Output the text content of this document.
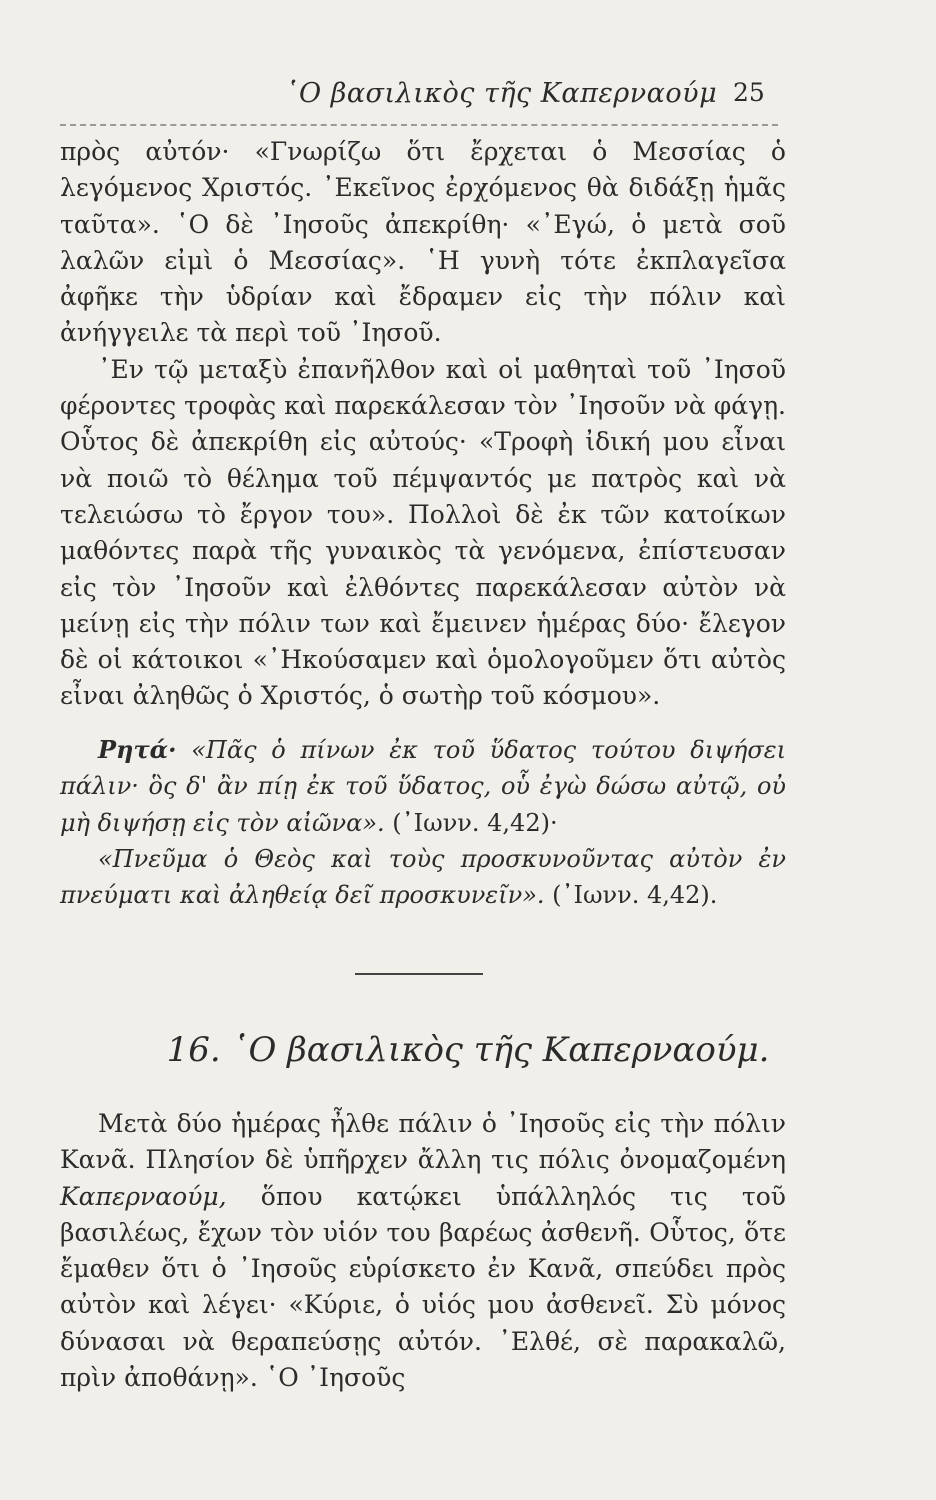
῾Ο βασιλικὸς τῆς Καπερναούμ 25

πρὸς αὐτόν· «Γνωρίζω ὅτι ἔρχεται ὁ Μεσσίας ὁ λεγόμενος Χριστός. ᾿Εκεῖνος ἐρχόμενος θὰ διδάξῃ ἡμᾶς ταῦτα». ῾Ο δὲ ᾿Ιησοῦς ἀπεκρίθη· «᾿Εγώ, ὁ μετὰ σοῦ λαλῶν εἰμὶ ὁ Μεσσίας». ῾Η γυνὴ τότε ἐκπλαγεῖσα ἀφῆκε τὴν ὑδρίαν καὶ ἔδραμεν εἰς τὴν πόλιν καὶ ἀνήγγειλε τὰ περὶ τοῦ ᾿Ιησοῦ.

᾿Εν τῷ μεταξὺ ἐπανῆλθον καὶ οἱ μαθηταὶ τοῦ ᾿Ιησοῦ φέροντες τροφὰς καὶ παρεκάλεσαν τὸν ᾿Ιησοῦν νὰ φάγῃ. Οὗτος δὲ ἀπεκρίθη εἰς αὐτούς· «Τροφὴ ἰδική μου εἶναι νὰ ποιῶ τὸ θέλημα τοῦ πέμψαντός με πατρὸς καὶ νὰ τελειώσω τὸ ἔργον του». Πολλοὶ δὲ ἐκ τῶν κατοίκων μαθόντες παρὰ τῆς γυναικὸς τὰ γενόμενα, ἐπίστευσαν εἰς τὸν ᾿Ιησοῦν καὶ ἐλθόντες παρεκάλεσαν αὐτὸν νὰ μείνῃ εἰς τὴν πόλιν των καὶ ἔμεινεν ἡμέρας δύο· ἔλεγον δὲ οἱ κάτοικοι «᾿Ηκούσαμεν καὶ ὁμολογοῦμεν ὅτι αὐτὸς εἶναι ἀληθῶς ὁ Χριστός, ὁ σωτὴρ τοῦ κόσμου».

Ρητά· «Πᾶς ὁ πίνων ἐκ τοῦ ὕδατος τούτου διψήσει πάλιν· ὃς δ' ἂν πίῃ ἐκ τοῦ ὕδατος, οὗ ἐγὼ δώσω αὐτῷ, οὐ μὴ διψήσῃ εἰς τὸν αἰῶνα». (᾿Ιωνν. 4,42)·

«Πνεῦμα ὁ Θεὸς καὶ τοὺς προσκυνοῦντας αὐτὸν ἐν πνεύματι καὶ ἀληθείᾳ δεῖ προσκυνεῖν». (᾿Ιωνν. 4,42).

16. ῾Ο βασιλικὸς τῆς Καπερναούμ.

Μετὰ δύο ἡμέρας ἦλθε πάλιν ὁ ᾿Ιησοῦς εἰς τὴν πόλιν Κανᾶ. Πλησίον δὲ ὑπῆρχεν ἄλλη τις πόλις ὀνομαζομένη Καπερναούμ, ὅπου κατῴκει ὑπάλληλός τις τοῦ βασιλέως, ἔχων τὸν υἱόν του βαρέως ἀσθενῆ. Οὗτος, ὅτε ἔμαθεν ὅτι ὁ ᾿Ιησοῦς εὑρίσκετο ἐν Κανᾶ, σπεύδει πρὸς αὐτὸν καὶ λέγει· «Κύριε, ὁ υἱός μου ἀσθενεῖ. Σὺ μόνος δύνασαι νὰ θεραπεύσῃς αὐτόν. ᾿Ελθέ, σὲ παρακαλῶ, πρὶν ἀποθάνῃ». ῾Ο ᾿Ιησοῦς
